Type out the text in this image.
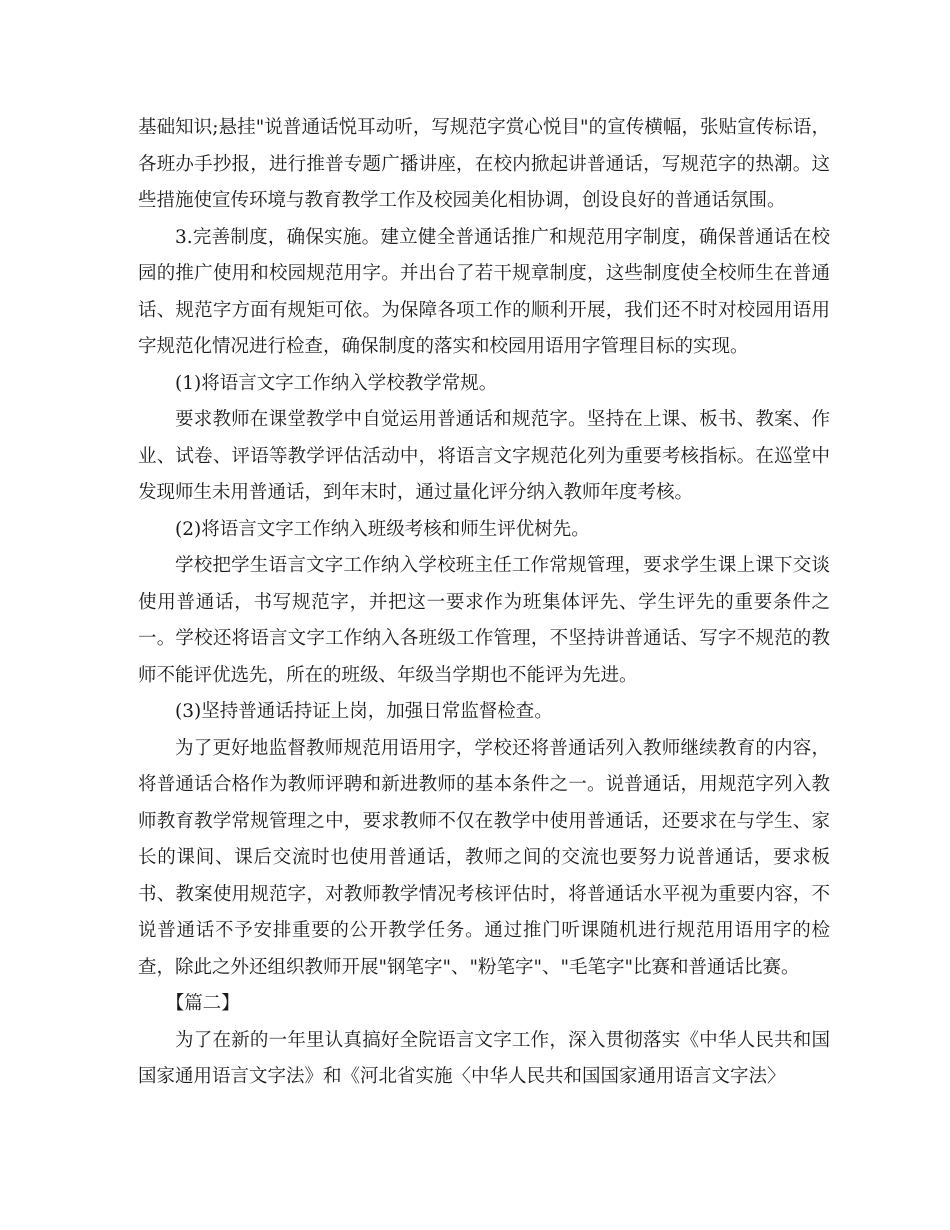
基础知识;悬挂"说普通话悦耳动听，写规范字赏心悦目"的宣传横幅，张贴宣传标语，各班办手抄报，进行推普专题广播讲座，在校内掀起讲普通话，写规范字的热潮。这些措施使宣传环境与教育教学工作及校园美化相协调，创设良好的普通话氛围。

3.完善制度，确保实施。建立健全普通话推广和规范用字制度，确保普通话在校园的推广使用和校园规范用字。并出台了若干规章制度，这些制度使全校师生在普通话、规范字方面有规矩可依。为保障各项工作的顺利开展，我们还不时对校园用语用字规范化情况进行检查，确保制度的落实和校园用语用字管理目标的实现。

(1)将语言文字工作纳入学校教学常规。

要求教师在课堂教学中自觉运用普通话和规范字。坚持在上课、板书、教案、作业、试卷、评语等教学评估活动中，将语言文字规范化列为重要考核指标。在巡堂中发现师生未用普通话，到年末时，通过量化评分纳入教师年度考核。

(2)将语言文字工作纳入班级考核和师生评优树先。

学校把学生语言文字工作纳入学校班主任工作常规管理，要求学生课上课下交谈使用普通话，书写规范字，并把这一要求作为班集体评先、学生评先的重要条件之一。学校还将语言文字工作纳入各班级工作管理，不坚持讲普通话、写字不规范的教师不能评优选先，所在的班级、年级当学期也不能评为先进。

(3)坚持普通话持证上岗，加强日常监督检查。

为了更好地监督教师规范用语用字，学校还将普通话列入教师继续教育的内容，将普通话合格作为教师评聘和新进教师的基本条件之一。说普通话，用规范字列入教师教育教学常规管理之中，要求教师不仅在教学中使用普通话，还要求在与学生、家长的课间、课后交流时也使用普通话，教师之间的交流也要努力说普通话，要求板书、教案使用规范字，对教师教学情况考核评估时，将普通话水平视为重要内容，不说普通话不予安排重要的公开教学任务。通过推门听课随机进行规范用语用字的检查，除此之外还组织教师开展"钢笔字"、"粉笔字"、"毛笔字"比赛和普通话比赛。

【篇二】

为了在新的一年里认真搞好全院语言文字工作，深入贯彻落实《中华人民共和国国家通用语言文字法》和《河北省实施〈中华人民共和国国家通用语言文字法〉
